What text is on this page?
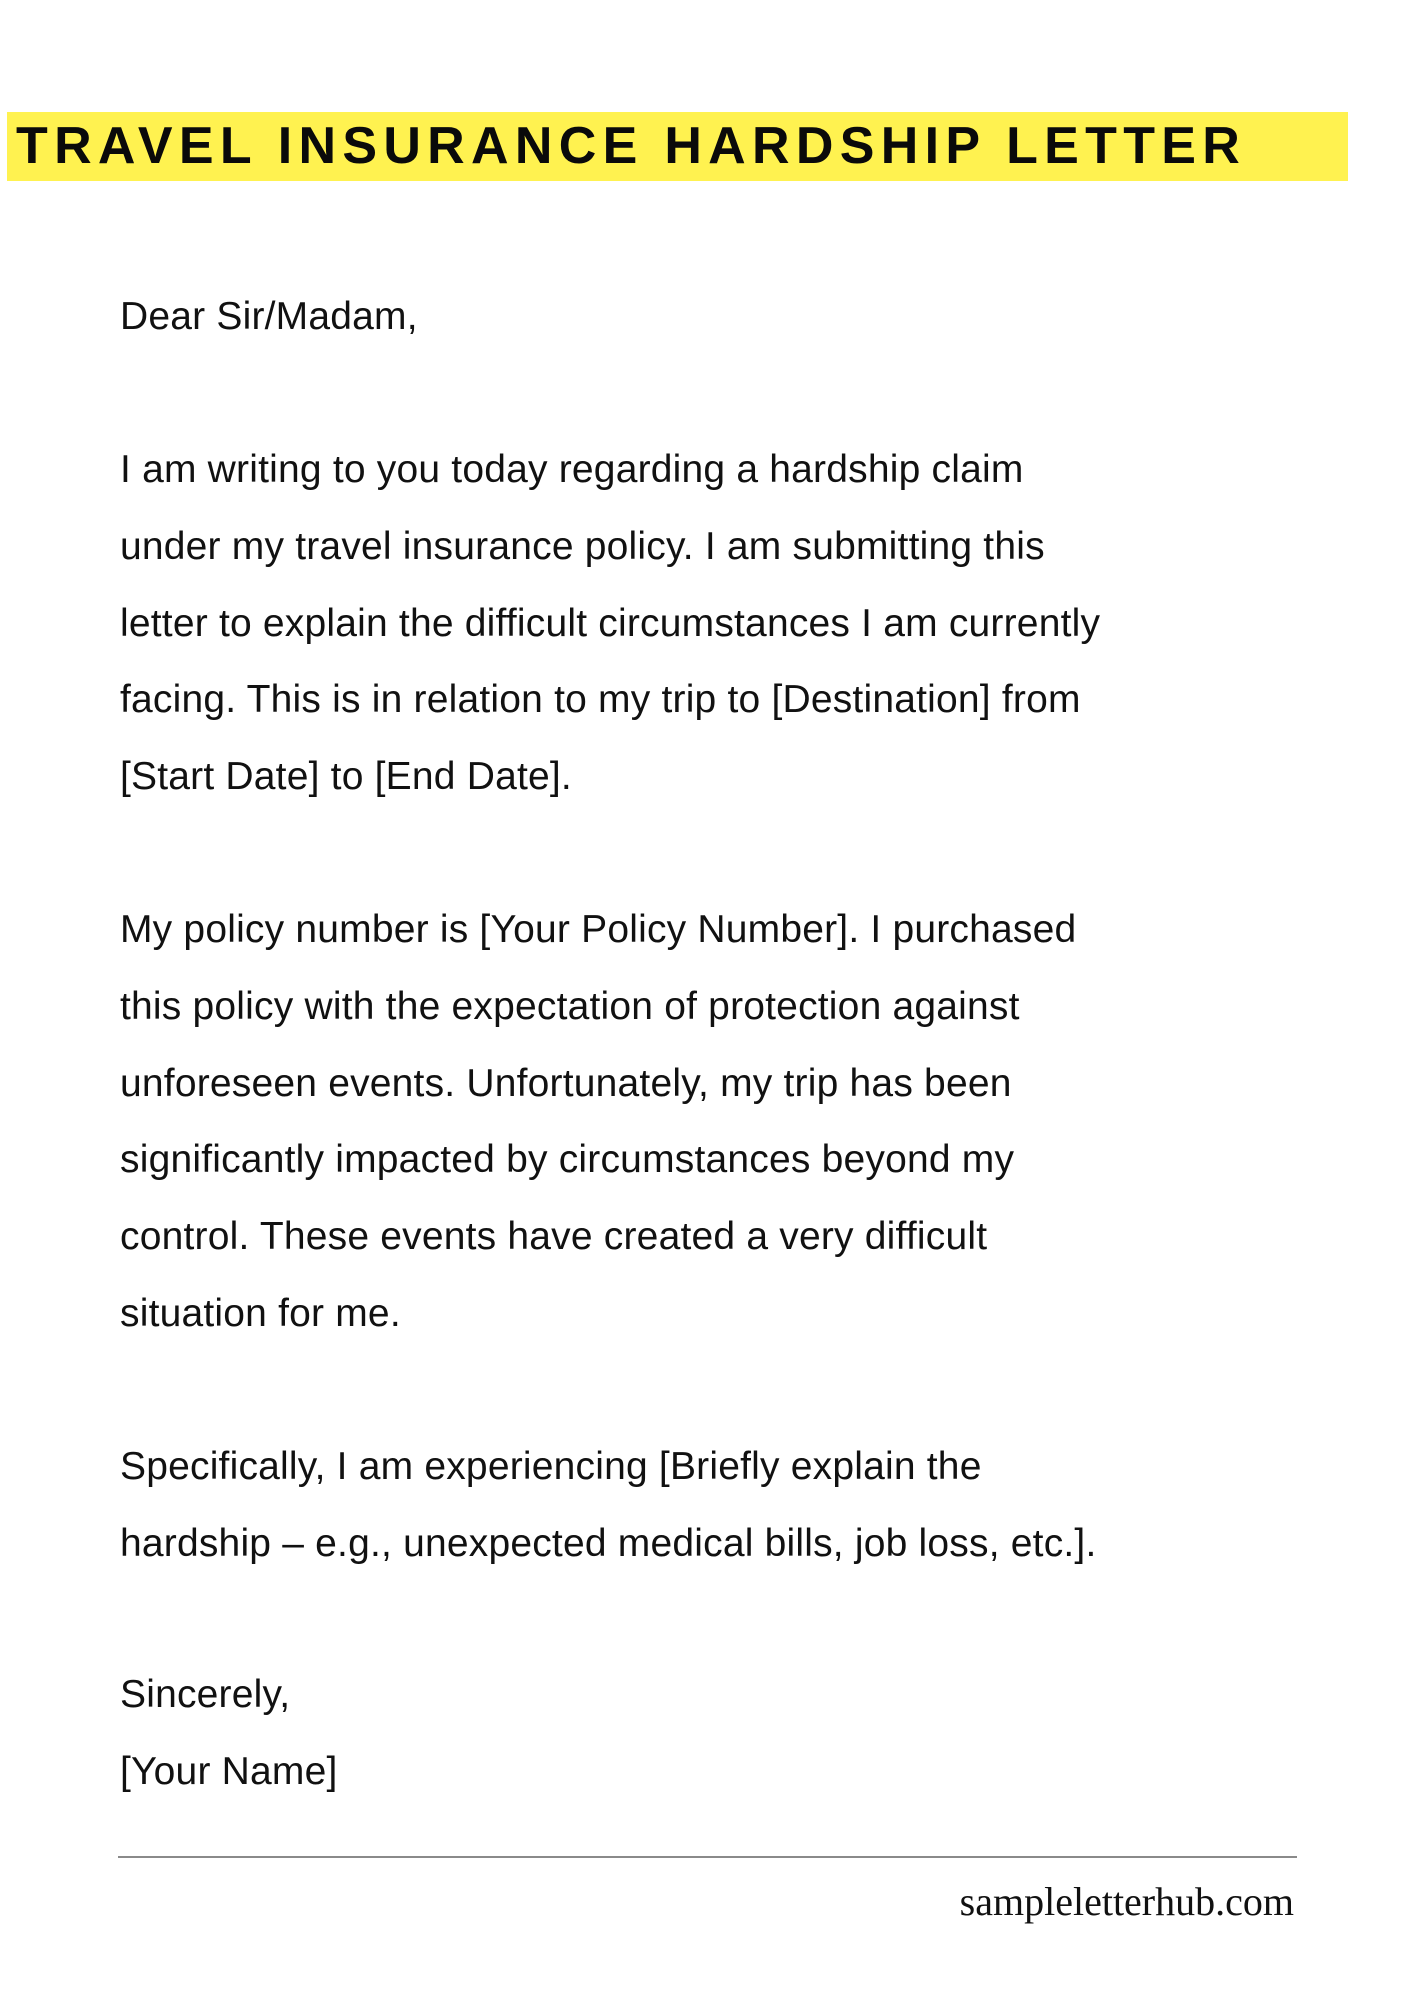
TRAVEL INSURANCE HARDSHIP LETTER
Dear Sir/Madam,
I am writing to you today regarding a hardship claim
under my travel insurance policy. I am submitting this
letter to explain the difficult circumstances I am currently
facing. This is in relation to my trip to [Destination] from
[Start Date] to [End Date].
My policy number is [Your Policy Number]. I purchased
this policy with the expectation of protection against
unforeseen events. Unfortunately, my trip has been
significantly impacted by circumstances beyond my
control. These events have created a very difficult
situation for me.
Specifically, I am experiencing [Briefly explain the
hardship – e.g., unexpected medical bills, job loss, etc.].
Sincerely,
[Your Name]
sampleletterhub.com
